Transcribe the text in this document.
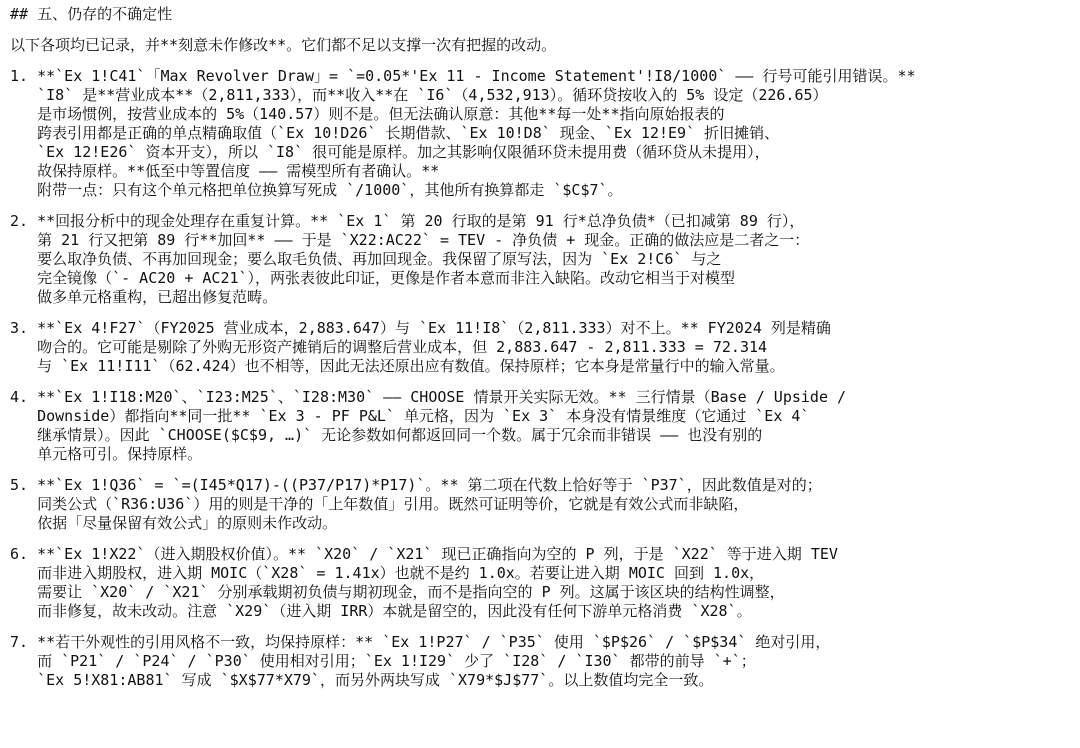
## 五、仍存的不确定性
以下各项均已记录，并**刻意未作修改**。它们都不足以支撑一次有把握的改动。
1. **`Ex 1!C41`「Max Revolver Draw」= `=0.05*'Ex 11 - Income Statement'!I8/1000` —— 行号可能引用错误。**
`I8` 是**营业成本**（2,811,333），而**收入**在 `I6`（4,532,913）。循环贷按收入的 5% 设定（226.65）
是市场惯例，按营业成本的 5%（140.57）则不是。但无法确认原意：其他**每一处**指向原始报表的
跨表引用都是正确的单点精确取值（`Ex 10!D26` 长期借款、`Ex 10!D8` 现金、`Ex 12!E9` 折旧摊销、
`Ex 12!E26` 资本开支），所以 `I8` 很可能是原样。加之其影响仅限循环贷未提用费（循环贷从未提用），
故保持原样。**低至中等置信度 —— 需模型所有者确认。**
附带一点：只有这个单元格把单位换算写死成 `/1000`，其他所有换算都走 `$C$7`。
2. **回报分析中的现金处理存在重复计算。** `Ex 1` 第 20 行取的是第 91 行*总净负债*（已扣减第 89 行），
第 21 行又把第 89 行**加回** —— 于是 `X22:AC22` = TEV - 净负债 + 现金。正确的做法应是二者之一：
要么取净负债、不再加回现金；要么取毛负债、再加回现金。我保留了原写法，因为 `Ex 2!C6` 与之
完全镜像（`- AC20 + AC21`），两张表彼此印证，更像是作者本意而非注入缺陷。改动它相当于对模型
做多单元格重构，已超出修复范畴。
3. **`Ex 4!F27`（FY2025 营业成本，2,883.647）与 `Ex 11!I8`（2,811.333）对不上。** FY2024 列是精确
吻合的。它可能是剔除了外购无形资产摊销后的调整后营业成本，但 2,883.647 - 2,811.333 = 72.314
与 `Ex 11!I11`（62.424）也不相等，因此无法还原出应有数值。保持原样；它本身是常量行中的输入常量。
4. **`Ex 1!I18:M20`、`I23:M25`、`I28:M30` —— CHOOSE 情景开关实际无效。** 三行情景（Base / Upside /
Downside）都指向**同一批** `Ex 3 - PF P&L` 单元格，因为 `Ex 3` 本身没有情景维度（它通过 `Ex 4`
继承情景）。因此 `CHOOSE($C$9, …)` 无论参数如何都返回同一个数。属于冗余而非错误 —— 也没有别的
单元格可引。保持原样。
5. **`Ex 1!Q36` = `=(I45*Q17)-((P37/P17)*P17)`。** 第二项在代数上恰好等于 `P37`，因此数值是对的；
同类公式（`R36:U36`）用的则是干净的「上年数值」引用。既然可证明等价，它就是有效公式而非缺陷，
依据「尽量保留有效公式」的原则未作改动。
6. **`Ex 1!X22`（进入期股权价值）。** `X20` / `X21` 现已正确指向为空的 P 列，于是 `X22` 等于进入期 TEV
而非进入期股权，进入期 MOIC（`X28` = 1.41x）也就不是约 1.0x。若要让进入期 MOIC 回到 1.0x，
需要让 `X20` / `X21` 分别承载期初负债与期初现金，而不是指向空的 P 列。这属于该区块的结构性调整，
而非修复，故未改动。注意 `X29`（进入期 IRR）本就是留空的，因此没有任何下游单元格消费 `X28`。
7. **若干外观性的引用风格不一致，均保持原样：** `Ex 1!P27` / `P35` 使用 `$P$26` / `$P$34` 绝对引用，
而 `P21` / `P24` / `P30` 使用相对引用；`Ex 1!I29` 少了 `I28` / `I30` 都带的前导 `+`；
`Ex 5!X81:AB81` 写成 `$X$77*X79`，而另外两块写成 `X79*$J$77`。以上数值均完全一致。
